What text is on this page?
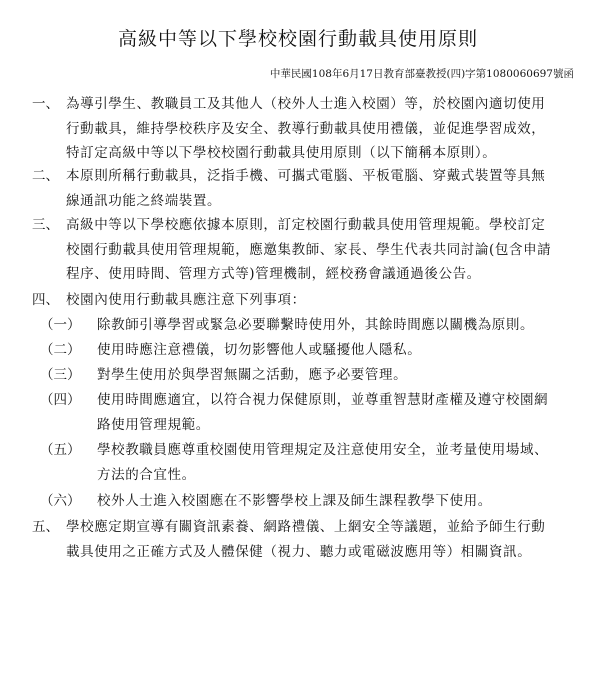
高級中等以下學校校園行動載具使用原則
中華民國108年6月17日教育部臺教授(四)字第1080060697號函
一、 為導引學生、教職員工及其他人（校外人士進入校園）等，於校園內適切使用行動載具，維持學校秩序及安全、教導行動載具使用禮儀，並促進學習成效，特訂定高級中等以下學校校園行動載具使用原則（以下簡稱本原則）。
二、 本原則所稱行動載具，泛指手機、可攜式電腦、平板電腦、穿戴式裝置等具無線通訊功能之終端裝置。
三、 高級中等以下學校應依據本原則，訂定校園行動載具使用管理規範。學校訂定校園行動載具使用管理規範，應邀集教師、家長、學生代表共同討論(包含申請程序、使用時間、管理方式等)管理機制，經校務會議通過後公告。
四、 校園內使用行動載具應注意下列事項：
（一） 除教師引導學習或緊急必要聯繫時使用外，其餘時間應以關機為原則。
（二） 使用時應注意禮儀，切勿影響他人或騷擾他人隱私。
（三） 對學生使用於與學習無關之活動，應予必要管理。
（四） 使用時間應適宜，以符合視力保健原則，並尊重智慧財產權及遵守校園網路使用管理規範。
（五） 學校教職員應尊重校園使用管理規定及注意使用安全，並考量使用場域、方法的合宜性。
（六） 校外人士進入校園應在不影響學校上課及師生課程教學下使用。
五、 學校應定期宣導有關資訊素養、網路禮儀、上網安全等議題，並給予師生行動載具使用之正確方式及人體保健（視力、聽力或電磁波應用等）相關資訊。
